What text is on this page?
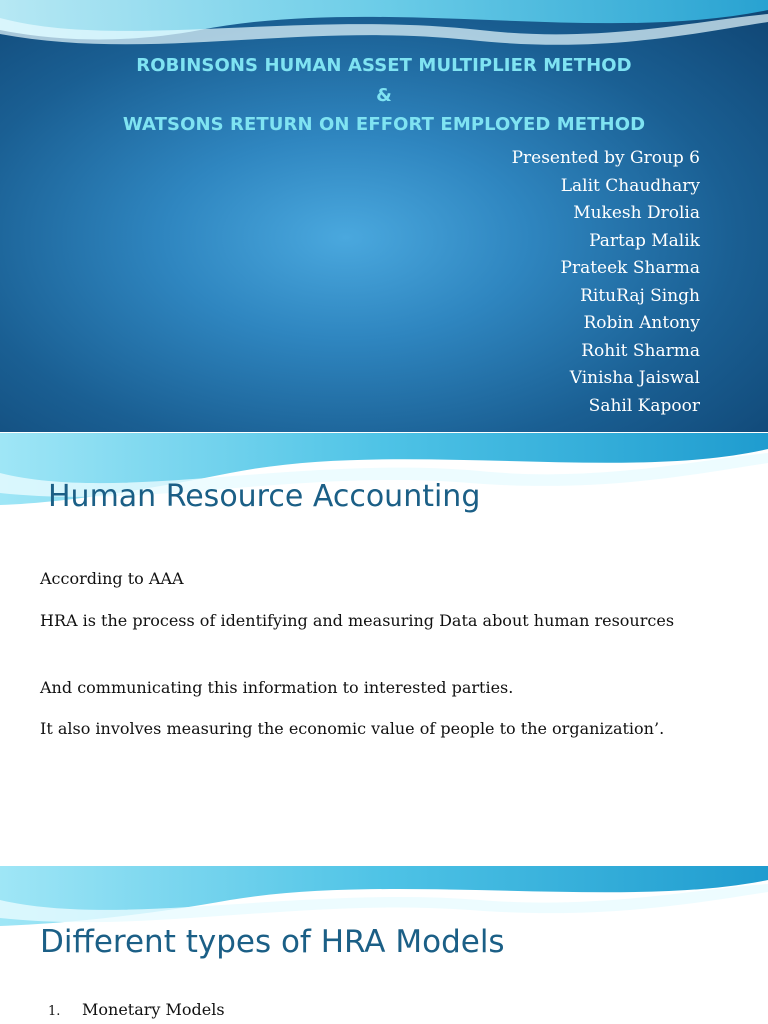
ROBINSONS HUMAN ASSET MULTIPLIER METHOD

&

WATSONS RETURN ON EFFORT EMPLOYED METHOD

Presented by Group 6
Lalit Chaudhary
Mukesh Drolia
Partap Malik
Prateek Sharma
RituRaj Singh
Robin Antony
Rohit Sharma
Vinisha Jaiswal
Sahil Kapoor
Human Resource Accounting

According to AAA

HRA is the process of identifying and measuring Data about human resources

And communicating this information to interested parties.

It also involves measuring the economic value of people to the organization’.

Different types of HRA Models

1. Monetary Models
